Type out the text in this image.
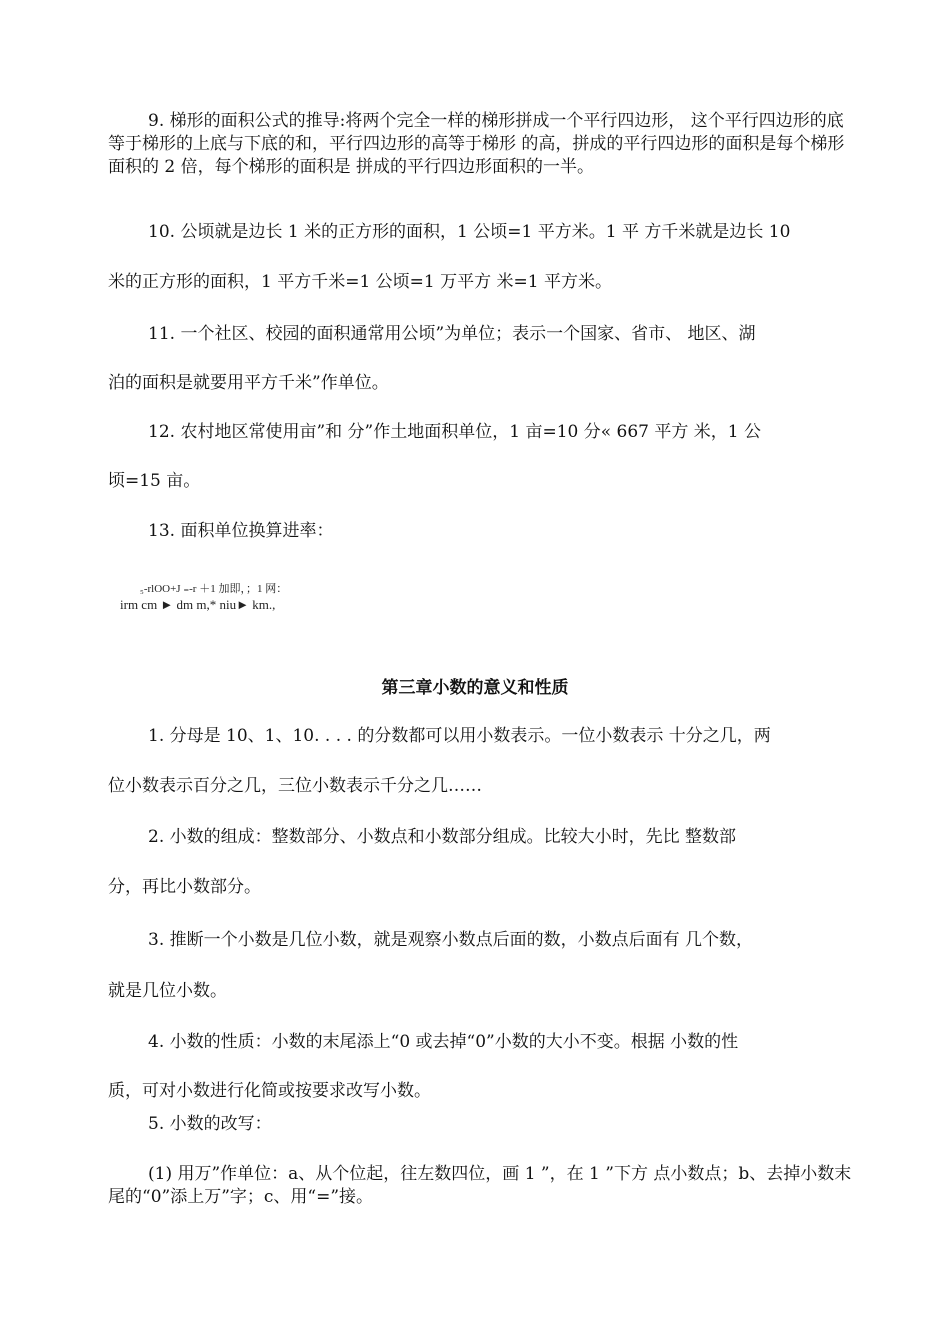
9. 梯形的面积公式的推导:将两个完全一样的梯形拼成一个平行四边形， 这个平行四边形的底等于梯形的上底与下底的和，平行四边形的高等于梯形 的高，拼成的平行四边形的面积是每个梯形面积的 2 倍，每个梯形的面积是 拼成的平行四边形面积的一半。

10. 公顷就是边长 1 米的正方形的面积，1 公顷=1 平方米。1 平 方千米就是边长 10

米的正方形的面积，1 平方千米=1 公顷=1 万平方 米=1 平方米。

11. 一个社区、校园的面积通常用公顷”为单位；表示一个国家、省市、 地区、湖

泊的面积是就要用平方千米”作单位。

12. 农村地区常使用亩”和 分”作土地面积单位，1 亩=10 分« 667 平方 米，1 公

顷=15 亩。

13. 面积单位换算进率：

₅-rlOO+J ₌-r ＋1 加即，；1 网：
irm cm ► dm m,* niu► km.,
第三章小数的意义和性质

1. 分母是 10、1、10. . . . 的分数都可以用小数表示。一位小数表示 十分之几，两

位小数表示百分之几，三位小数表示千分之几……

2. 小数的组成：整数部分、小数点和小数部分组成。比较大小时，先比 整数部

分，再比小数部分。

3. 推断一个小数是几位小数，就是观察小数点后面的数，小数点后面有 几个数，

就是几位小数。

4. 小数的性质：小数的末尾添上“0 或去掉“0”小数的大小不变。根据 小数的性

质，可对小数进行化简或按要求改写小数。

5. 小数的改写：

(1) 用万”作单位：a、从个位起，往左数四位，画 1 ”，在 1 ”下方 点小数点；b、去掉小数末尾的“0”添上万”字；c、用“=”接。
